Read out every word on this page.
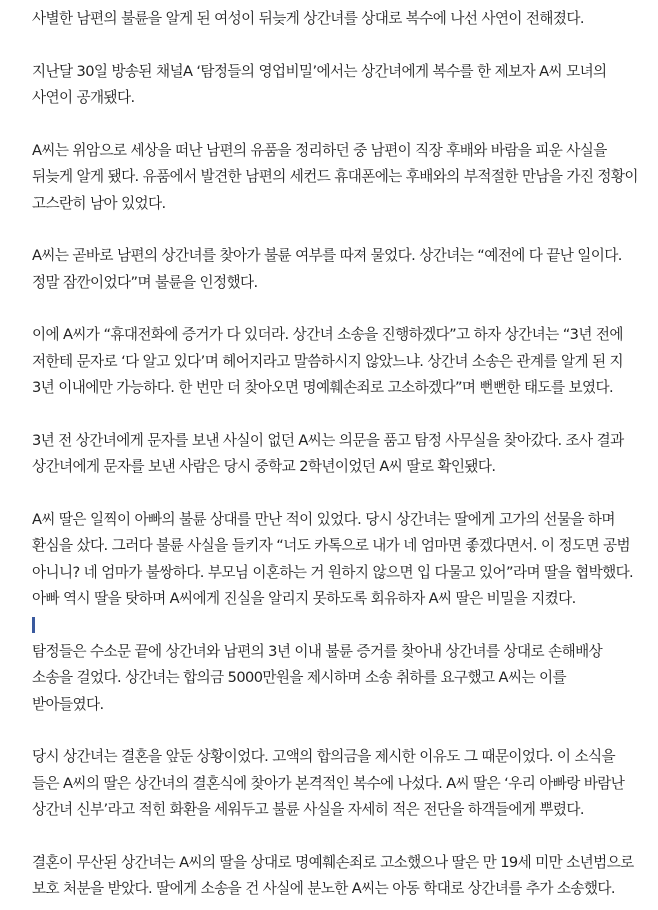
사별한 남편의 불륜을 알게 된 여성이 뒤늦게 상간녀를 상대로 복수에 나선 사연이 전해졌다.

지난달 30일 방송된 채널A ‘탐정들의 영업비밀’에서는 상간녀에게 복수를 한 제보자 A씨 모녀의 사연이 공개됐다.

A씨는 위암으로 세상을 떠난 남편의 유품을 정리하던 중 남편이 직장 후배와 바람을 피운 사실을 뒤늦게 알게 됐다. 유품에서 발견한 남편의 세컨드 휴대폰에는 후배와의 부적절한 만남을 가진 정황이 고스란히 남아 있었다.

A씨는 곧바로 남편의 상간녀를 찾아가 불륜 여부를 따져 물었다. 상간녀는 “예전에 다 끝난 일이다. 정말 잠깐이었다”며 불륜을 인정했다.

이에 A씨가 “휴대전화에 증거가 다 있더라. 상간녀 소송을 진행하겠다”고 하자 상간녀는 “3년 전에 저한테 문자로 ‘다 알고 있다’며 헤어지라고 말씀하시지 않았느냐. 상간녀 소송은 관계를 알게 된 지 3년 이내에만 가능하다. 한 번만 더 찾아오면 명예훼손죄로 고소하겠다”며 뻔뻔한 태도를 보였다.

3년 전 상간녀에게 문자를 보낸 사실이 없던 A씨는 의문을 품고 탐정 사무실을 찾아갔다. 조사 결과 상간녀에게 문자를 보낸 사람은 당시 중학교 2학년이었던 A씨 딸로 확인됐다.

A씨 딸은 일찍이 아빠의 불륜 상대를 만난 적이 있었다. 당시 상간녀는 딸에게 고가의 선물을 하며 환심을 샀다. 그러다 불륜 사실을 들키자 “너도 카톡으로 내가 네 엄마면 좋겠다면서. 이 정도면 공범 아니니? 네 엄마가 불쌍하다. 부모님 이혼하는 거 원하지 않으면 입 다물고 있어”라며 딸을 협박했다. 아빠 역시 딸을 탓하며 A씨에게 진실을 알리지 못하도록 회유하자 A씨 딸은 비밀을 지켰다.

탐정들은 수소문 끝에 상간녀와 남편의 3년 이내 불륜 증거를 찾아내 상간녀를 상대로 손해배상 소송을 걸었다. 상간녀는 합의금 5000만원을 제시하며 소송 취하를 요구했고 A씨는 이를 받아들였다.

당시 상간녀는 결혼을 앞둔 상황이었다. 고액의 합의금을 제시한 이유도 그 때문이었다. 이 소식을 들은 A씨의 딸은 상간녀의 결혼식에 찾아가 본격적인 복수에 나섰다. A씨 딸은 ‘우리 아빠랑 바람난 상간녀 신부’라고 적힌 화환을 세워두고 불륜 사실을 자세히 적은 전단을 하객들에게 뿌렸다.

결혼이 무산된 상간녀는 A씨의 딸을 상대로 명예훼손죄로 고소했으나 딸은 만 19세 미만 소년범으로 보호 처분을 받았다. 딸에게 소송을 건 사실에 분노한 A씨는 아동 학대로 상간녀를 추가 소송했다.
